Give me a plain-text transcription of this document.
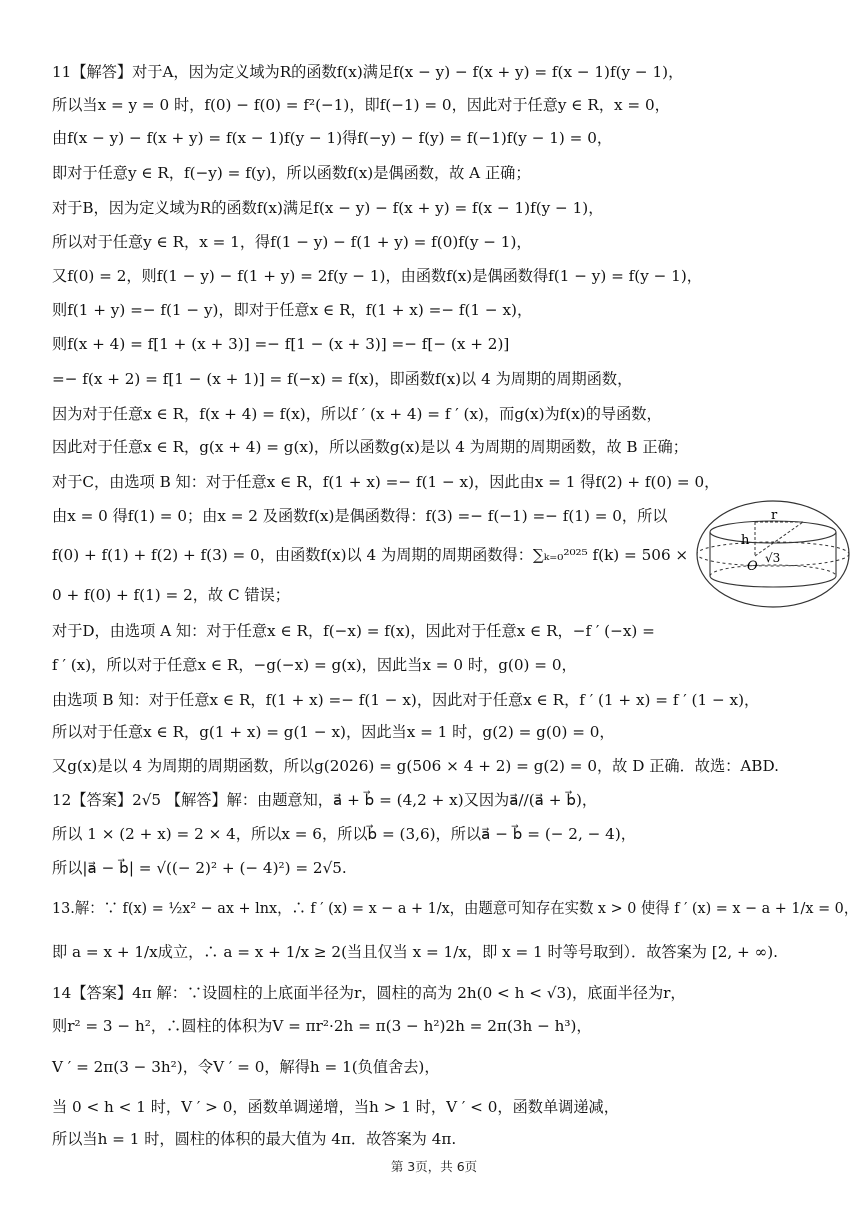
11【解答】对于A，因为定义域为R的函数f(x)满足f(x − y) − f(x + y) = f(x − 1)f(y − 1)，
所以当x = y = 0 时，f(0) − f(0) = f²(−1)，即f(−1) = 0，因此对于任意y ∈ R，x = 0，
由f(x − y) − f(x + y) = f(x − 1)f(y − 1)得f(−y) − f(y) = f(−1)f(y − 1) = 0，
即对于任意y ∈ R，f(−y) = f(y)，所以函数f(x)是偶函数，故 A 正确；
对于B，因为定义域为R的函数f(x)满足f(x − y) − f(x + y) = f(x − 1)f(y − 1)，
所以对于任意y ∈ R，x = 1，得f(1 − y) − f(1 + y) = f(0)f(y − 1)，
又f(0) = 2，则f(1 − y) − f(1 + y) = 2f(y − 1)，由函数f(x)是偶函数得f(1 − y) = f(y − 1)，
则f(1 + y) =− f(1 − y)，即对于任意x ∈ R，f(1 + x) =− f(1 − x)，
则f(x + 4) = f[1 + (x + 3)] =− f[1 − (x + 3)] =− f[− (x + 2)]
=− f(x + 2) = f[1 − (x + 1)] = f(−x) = f(x)，即函数f(x)以 4 为周期的周期函数，
因为对于任意x ∈ R，f(x + 4) = f(x)，所以f ′ (x + 4) = f ′ (x)，而g(x)为f(x)的导函数，
因此对于任意x ∈ R，g(x + 4) = g(x)，所以函数g(x)是以 4 为周期的周期函数，故 B 正确；
对于C，由选项 B 知：对于任意x ∈ R，f(1 + x) =− f(1 − x)，因此由x = 1 得f(2) + f(0) = 0，
由x = 0 得f(1) = 0；由x = 2 及函数f(x)是偶函数得：f(3) =− f(−1) =− f(1) = 0，所以
f(0) + f(1) + f(2) + f(3) = 0，由函数f(x)以 4 为周期的周期函数得：∑ₖ₌₀²⁰²⁵ f(k) = 506 ×
0 + f(0) + f(1) = 2，故 C 错误；
对于D，由选项 A 知：对于任意x ∈ R，f(−x) = f(x)，因此对于任意x ∈ R，−f ′ (−x) =
f ′ (x)，所以对于任意x ∈ R，−g(−x) = g(x)，因此当x = 0 时，g(0) = 0，
由选项 B 知：对于任意x ∈ R，f(1 + x) =− f(1 − x)，因此对于任意x ∈ R，f ′ (1 + x) = f ′ (1 − x)，
所以对于任意x ∈ R，g(1 + x) = g(1 − x)，因此当x = 1 时，g(2) = g(0) = 0，
又g(x)是以 4 为周期的周期函数，所以g(2026) = g(506 × 4 + 2) = g(2) = 0，故 D 正确．故选：ABD.
12【答案】2√5 【解答】解：由题意知，a⃗ + b⃗ = (4,2 + x)又因为a⃗//(a⃗ + b⃗)，
所以 1 × (2 + x) = 2 × 4，所以x = 6，所以b⃗ = (3,6)，所以a⃗ − b⃗ = (− 2, − 4)，
所以|a⃗ − b⃗| = √((− 2)² + (− 4)²) = 2√5.
13.解：∵ f(x) = ½x² − ax + lnx，∴ f ′ (x) = x − a + 1/x，由题意可知存在实数 x > 0 使得 f ′ (x) = x − a + 1/x = 0，
即 a = x + 1/x成立，∴ a = x + 1/x ≥ 2(当且仅当 x = 1/x，即 x = 1 时等号取到）．故答案为 [2, + ∞).
14【答案】4π 解：∵设圆柱的上底面半径为r，圆柱的高为 2h(0 < h < √3)，底面半径为r，
则r² = 3 − h²，∴圆柱的体积为V = πr²·2h = π(3 − h²)2h = 2π(3h − h³)，
V ′ = 2π(3 − 3h²)，令V ′ = 0，解得h = 1(负值舍去)，
当 0 < h < 1 时，V ′ > 0，函数单调递增，当h > 1 时，V ′ < 0，函数单调递减，
所以当h = 1 时，圆柱的体积的最大值为 4π．故答案为 4π.
r
h
O
√3
第 3页，共 6页
